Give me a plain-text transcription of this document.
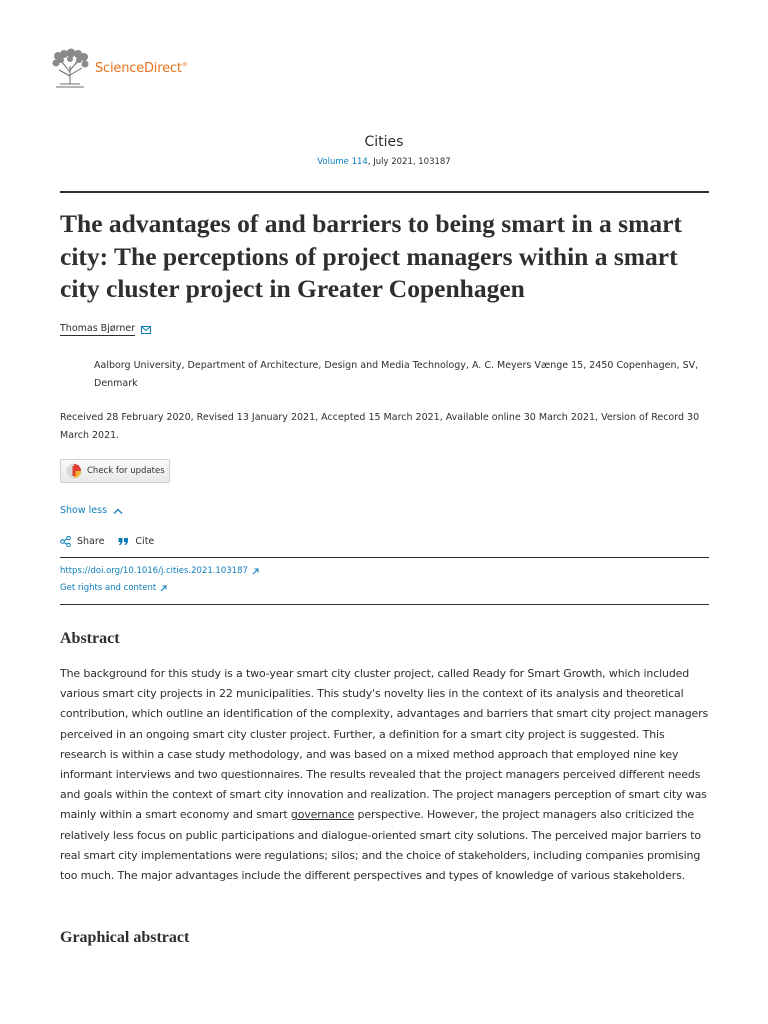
ScienceDirect®
Cities
Volume 114, July 2021, 103187
The advantages of and barriers to being smart in a smart city: The perceptions of project managers within a smart city cluster project in Greater Copenhagen
Thomas Bjørner

Aalborg University, Department of Architecture, Design and Media Technology, A. C. Meyers Vænge 15, 2450 Copenhagen, SV, Denmark

Received 28 February 2020, Revised 13 January 2021, Accepted 15 March 2021, Available online 30 March 2021, Version of Record 30 March 2021.

Check for updates
Show less
Share	Cite
https://doi.org/10.1016/j.cities.2021.103187
Get rights and content
Abstract

The background for this study is a two-year smart city cluster project, called Ready for Smart Growth, which included various smart city projects in 22 municipalities. This study's novelty lies in the context of its analysis and theoretical contribution, which outline an identification of the complexity, advantages and barriers that smart city project managers perceived in an ongoing smart city cluster project. Further, a definition for a smart city project is suggested. This research is within a case study methodology, and was based on a mixed method approach that employed nine key informant interviews and two questionnaires. The results revealed that the project managers perceived different needs and goals within the context of smart city innovation and realization. The project managers perception of smart city was mainly within a smart economy and smart governance perspective. However, the project managers also criticized the relatively less focus on public participations and dialogue-oriented smart city solutions. The perceived major barriers to real smart city implementations were regulations; silos; and the choice of stakeholders, including companies promising too much. The major advantages include the different perspectives and types of knowledge of various stakeholders.

Graphical abstract
